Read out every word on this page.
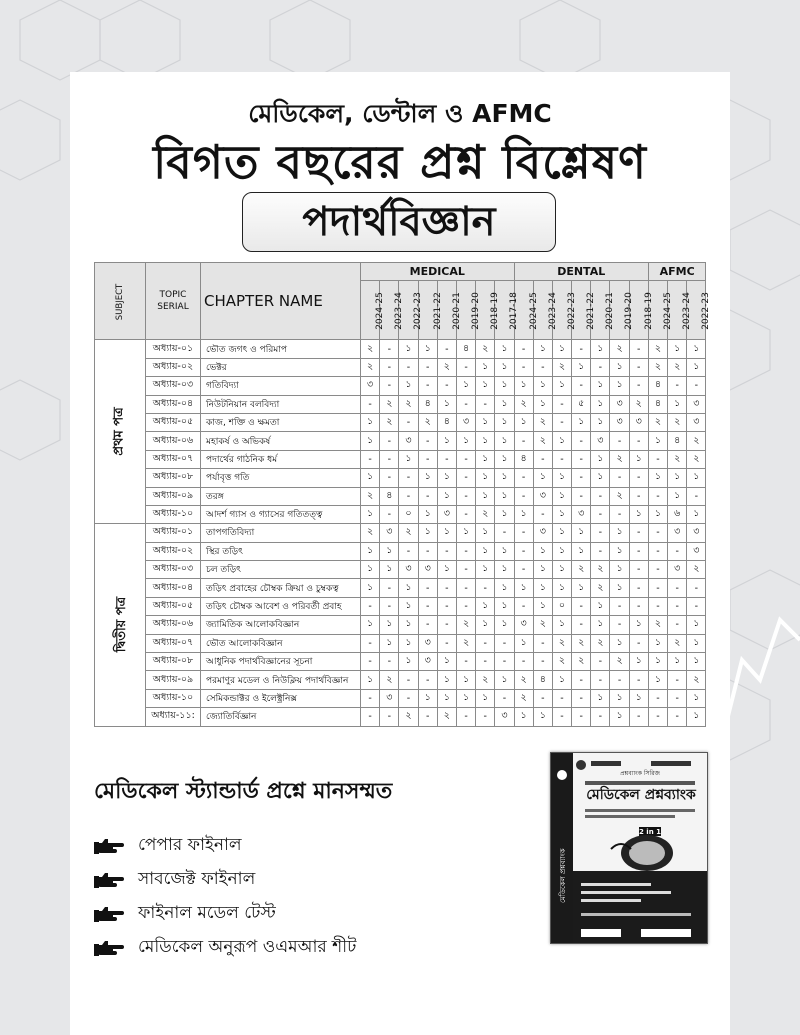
মেডিকেল, ডেন্টাল ও AFMC
বিগত বছরের প্রশ্ন বিশ্লেষণ
পদার্থবিজ্ঞান
SUBJECT	TOPIC SERIAL	CHAPTER NAME	MEDICAL								DENTAL							AFMC		
			2024-25	2023-24	2022-23	2021-22	2020-21	2019-20	2018-19	2017-18	2024-25	2023-24	2022-23	2021-22	2020-21	2019-20	2018-19	2024-25	2023-24	2022-23
প্রথম পত্র	অধ্যায়-০১	ভৌত জগৎ ও পরিমাপ	২	-	১	১	-	৪	২	১	-	১	১	-	১	২	-	২	১	১
	অধ্যায়-০২	ভেক্টর	২	-	-	-	২	-	১	১	-	-	২	১	-	১	-	২	২	১
	অধ্যায়-০৩	গতিবিদ্যা	৩	-	১	-	-	১	১	১	১	১	১	-	১	১	-	৪	-	-
	অধ্যায়-০৪	নিউটনিয়ান বলবিদ্যা	-	২	২	৪	১	-	-	১	২	১	-	৫	১	৩	২	৪	১	৩
	অধ্যায়-০৫	কাজ, শক্তি ও ক্ষমতা	১	২	-	২	৪	৩	১	১	১	২	-	১	১	৩	৩	২	২	৩
	অধ্যায়-০৬	মহাকর্ষ ও অভিকর্ষ	১	-	৩	-	১	১	১	১	-	২	১	-	৩	-	-	১	৪	২
	অধ্যায়-০৭	পদার্থের গাঠনিক ধর্ম	-	-	১	-	-	-	১	১	৪	-	-	-	১	২	১	-	২	২
	অধ্যায়-০৮	পর্যাবৃত্ত গতি	১	-	-	১	১	-	১	১	-	১	১	-	১	-	-	১	১	১
	অধ্যায়-০৯	তরঙ্গ	২	৪	-	-	১	-	১	১	-	৩	১	-	-	২	-	-	১	-
	অধ্যায়-১০	আদর্শ গ্যাস ও গ্যাসের গতিতত্ত্ব	১	-	০	১	৩	-	২	১	১	-	১	৩	-	-	১	১	৬	১
দ্বিতীয় পত্র	অধ্যায়-০১	তাপগতিবিদ্যা	২	৩	২	১	১	১	১	-	-	৩	১	১	-	১	-	-	৩	৩
	অধ্যায়-০২	স্থির তড়িৎ	১	১	-	-	-	-	১	১	-	১	১	১	-	১	-	-	-	৩
	অধ্যায়-০৩	চল তড়িৎ	১	১	৩	৩	১	-	১	১	-	১	১	২	২	১	-	-	৩	২
	অধ্যায়-০৪	তড়িৎ প্রবাহের চৌম্বক ক্রিয়া ও চুম্বকত্ব	১	-	১	-	-	-	-	১	১	১	১	১	২	১	-	-	-	-
	অধ্যায়-০৫	তড়িৎ চৌম্বক আবেশ ও পরিবর্তী প্রবাহ	-	-	১	-	-	-	১	১	-	১	০	-	১	-	-	-	-	-
	অধ্যায়-০৬	জ্যামিতিক আলোকবিজ্ঞান	১	১	১	-	-	২	১	১	৩	২	১	-	১	-	১	২	-	১
	অধ্যায়-০৭	ভৌত আলোকবিজ্ঞান	-	১	১	৩	-	২	-	-	১	-	২	২	২	১	-	১	২	১
	অধ্যায়-০৮	আধুনিক পদার্থবিজ্ঞানের সূচনা	-	-	১	৩	১	-	-	-	-	-	২	২	-	২	১	১	১	১
	অধ্যায়-০৯	পরমাণুর মডেল ও নিউক্লিয় পদার্থবিজ্ঞান	১	২	-	-	১	১	২	১	২	৪	১	-	-	-	-	১	-	২
	অধ্যায়-১০	সেমিকন্ডাক্টর ও ইলেক্ট্রনিক্স	-	৩	-	১	১	১	১	-	২	-	-	-	১	১	১	-	-	১
	অধ্যায়-১১:	জ্যোতির্বিজ্ঞান	-	-	২	-	২	-	-	৩	১	১	-	-	-	১	-	-	-	১
মেডিকেল স্ট্যান্ডার্ড প্রশ্নে মানসম্মত
পেপার ফাইনাল
সাবজেক্ট ফাইনাল
ফাইনাল মডেল টেস্ট
মেডিকেল অনুরূপ ওএমআর শীট
মেডিকেল প্রশ্নব্যাংক
2 in 1
প্রশ্নব্যাংক সিরিজ
মেডিকেল প্রশ্নব্যাংক
